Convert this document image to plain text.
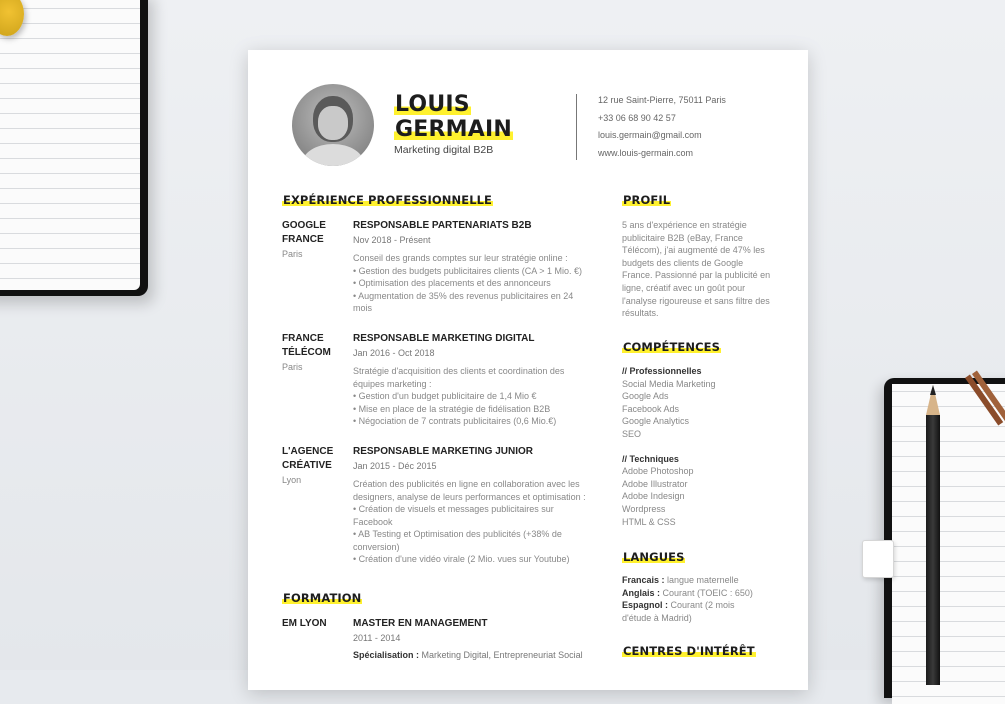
LOUIS
GERMAIN
Marketing digital B2B
12 rue Saint-Pierre, 75011 Paris
+33 06 68 90 42 57
louis.germain@gmail.com
www.louis-germain.com
EXPÉRIENCE PROFESSIONNELLE
GOOGLE
FRANCE
Paris
RESPONSABLE PARTENARIATS B2B
Nov 2018 - Présent
Conseil des grands comptes sur leur stratégie online :
• Gestion des budgets publicitaires clients (CA > 1 Mio. €)
• Optimisation des placements et des annonceurs
• Augmentation de 35% des revenus publicitaires en 24 mois
FRANCE
TÉLÉCOM
Paris
RESPONSABLE MARKETING DIGITAL
Jan 2016 - Oct 2018
Stratégie d'acquisition des clients et coordination des équipes marketing :
• Gestion d'un budget publicitaire de 1,4 Mio €
• Mise en place de la stratégie de fidélisation B2B
• Négociation de 7 contrats publicitaires (0,6 Mio.€)
L'AGENCE
CRÉATIVE
Lyon
RESPONSABLE MARKETING JUNIOR
Jan 2015 - Déc 2015
Création des publicités en ligne en collaboration avec les designers, analyse de leurs performances et optimisation :
• Création de visuels et messages publicitaires sur Facebook
• AB Testing et Optimisation des publicités (+38% de conversion)
• Création d'une vidéo virale (2 Mio. vues sur Youtube)
FORMATION
EM LYON	MASTER EN MANAGEMENT
2011 - 2014
Spécialisation : Marketing Digital, Entrepreneuriat Social
PROFIL
5 ans d'expérience en stratégie publicitaire B2B (eBay, France Télécom), j'ai augmenté de 47% les budgets des clients de Google France. Passionné par la publicité en ligne, créatif avec un goût pour l'analyse rigoureuse et sans filtre des résultats.
COMPÉTENCES
// Professionnelles
Social Media Marketing
Google Ads
Facebook Ads
Google Analytics
SEO
// Techniques
Adobe Photoshop
Adobe Illustrator
Adobe Indesign
Wordpress
HTML & CSS
LANGUES
Francais : langue maternelle
Anglais : Courant (TOEIC : 650)
Espagnol : Courant (2 mois d'étude à Madrid)
CENTRES D'INTÉRÊT
